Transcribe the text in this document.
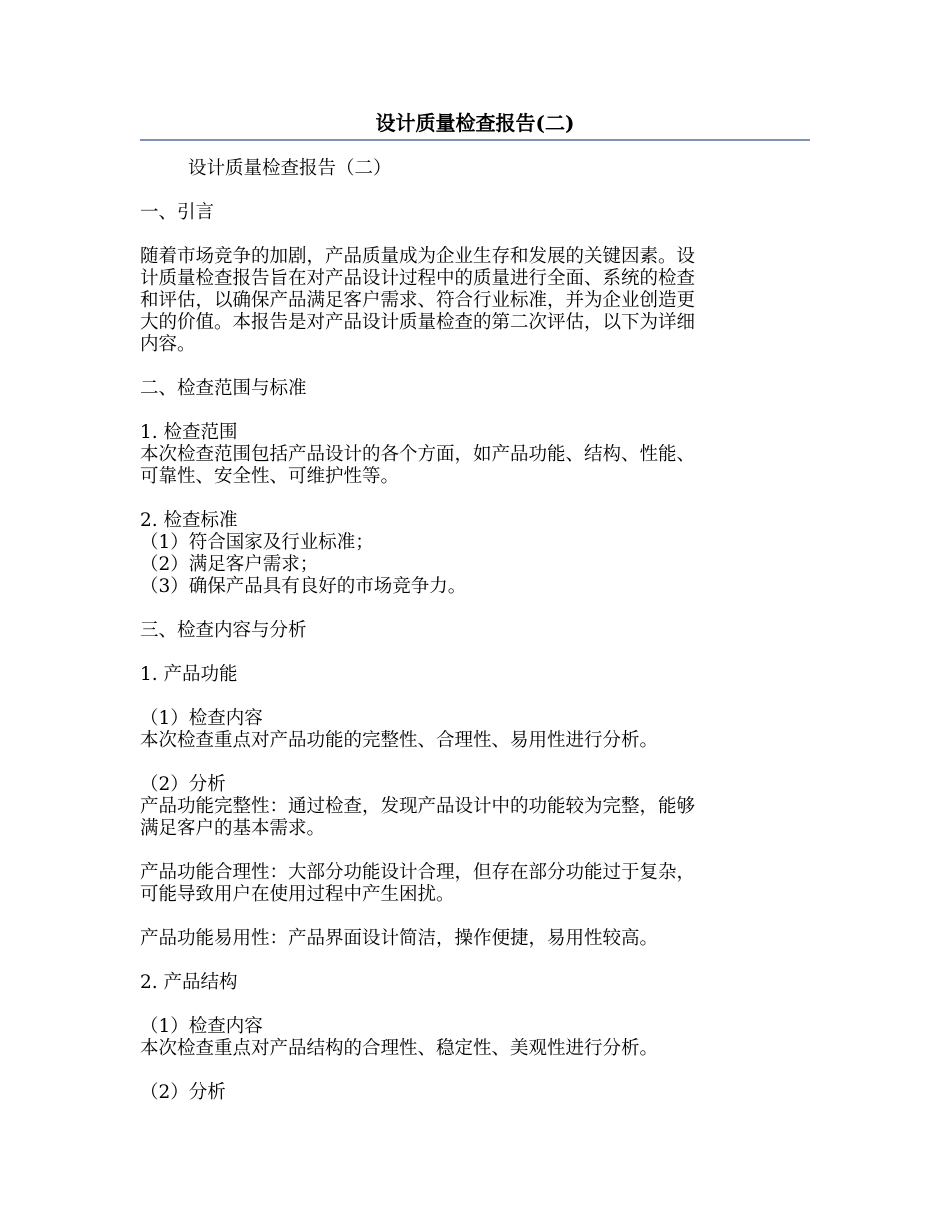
设计质量检查报告(二)
设计质量检查报告（二）
一、引言
随着市场竞争的加剧，产品质量成为企业生存和发展的关键因素。设
计质量检查报告旨在对产品设计过程中的质量进行全面、系统的检查
和评估，以确保产品满足客户需求、符合行业标准，并为企业创造更
大的价值。本报告是对产品设计质量检查的第二次评估，以下为详细
内容。
二、检查范围与标准
1. 检查范围
本次检查范围包括产品设计的各个方面，如产品功能、结构、性能、
可靠性、安全性、可维护性等。
2. 检查标准
（1）符合国家及行业标准；
（2）满足客户需求；
（3）确保产品具有良好的市场竞争力。
三、检查内容与分析
1. 产品功能
（1）检查内容
本次检查重点对产品功能的完整性、合理性、易用性进行分析。
（2）分析
产品功能完整性：通过检查，发现产品设计中的功能较为完整，能够
满足客户的基本需求。
产品功能合理性：大部分功能设计合理，但存在部分功能过于复杂，
可能导致用户在使用过程中产生困扰。
产品功能易用性：产品界面设计简洁，操作便捷，易用性较高。
2. 产品结构
（1）检查内容
本次检查重点对产品结构的合理性、稳定性、美观性进行分析。
（2）分析
